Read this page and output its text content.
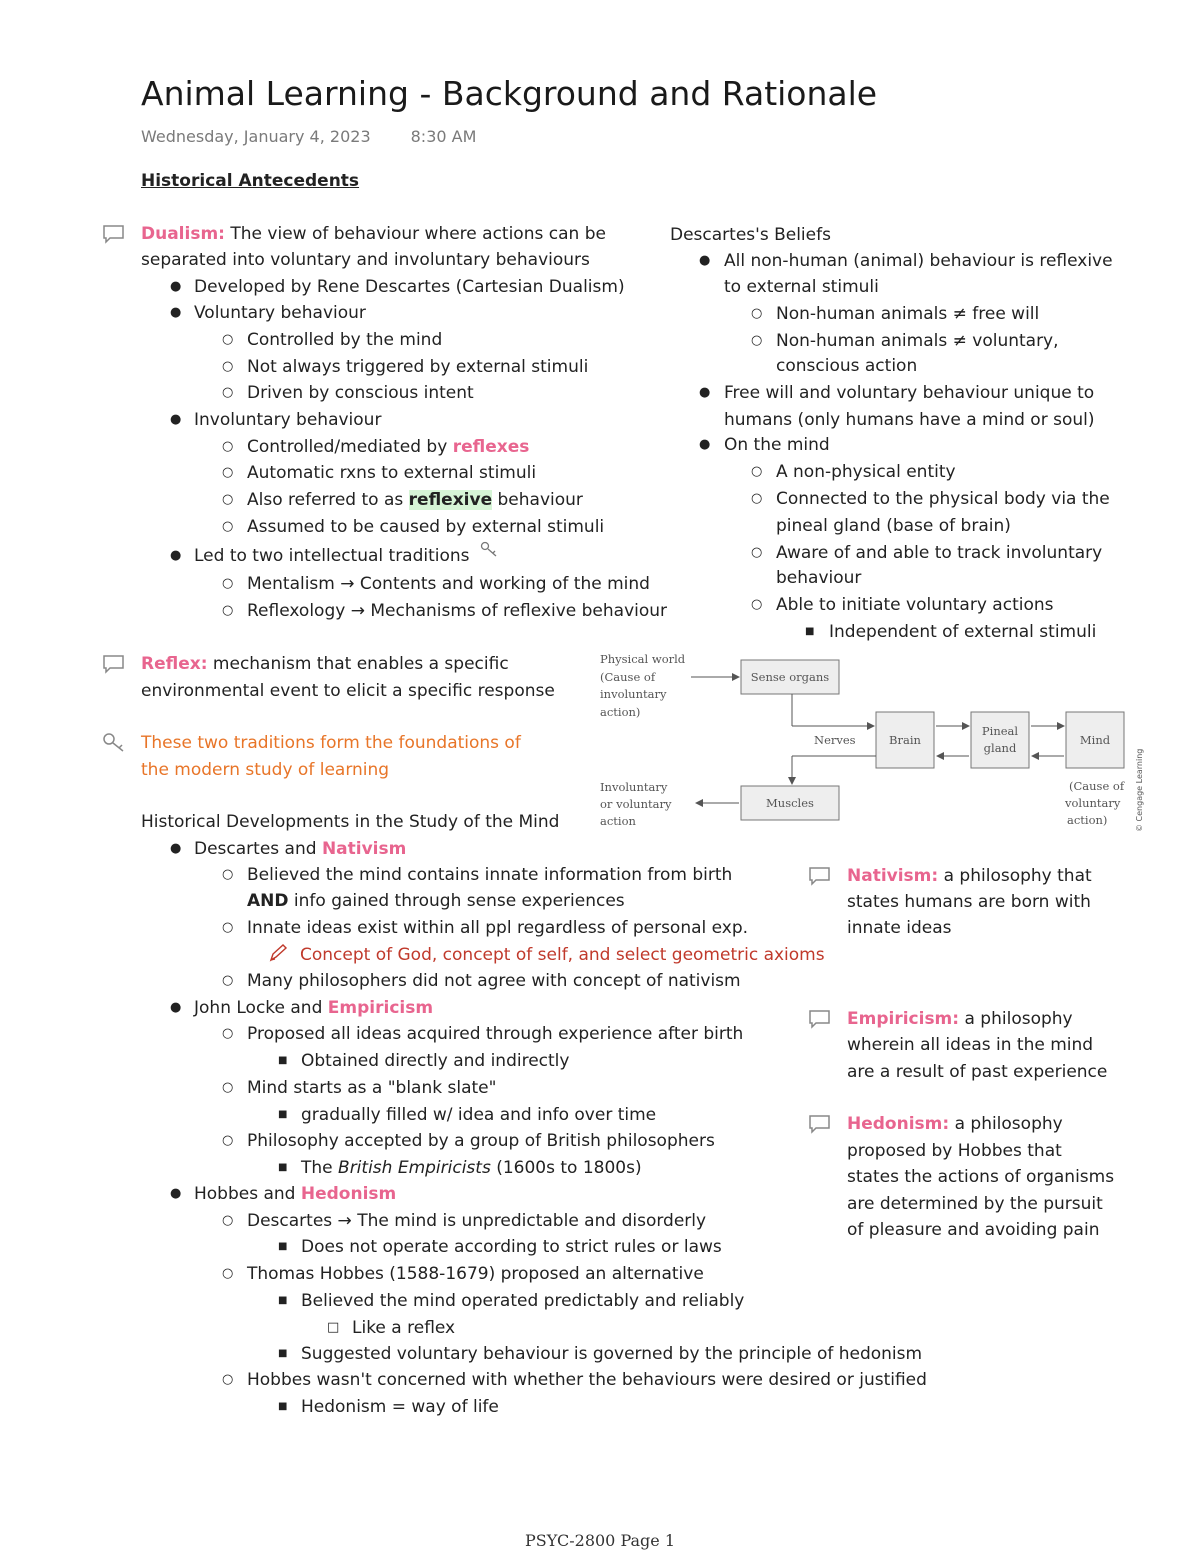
Animal Learning - Background and Rationale
Wednesday, January 4, 2023	8:30 AM
Historical Antecedents
Dualism: The view of behaviour where actions can be
separated into voluntary and involuntary behaviours
● Developed by Rene Descartes (Cartesian Dualism)
● Voluntary behaviour
○ Controlled by the mind
○ Not always triggered by external stimuli
○ Driven by conscious intent
● Involuntary behaviour
○ Controlled/mediated by reflexes
○ Automatic rxns to external stimuli
○ Also referred to as reflexive behaviour
○ Assumed to be caused by external stimuli
● Led to two intellectual traditions
○ Mentalism → Contents and working of the mind
○ Reflexology → Mechanisms of reflexive behaviour
Reflex: mechanism that enables a specific
environmental event to elicit a specific response
These two traditions form the foundations of
the modern study of learning
Descartes's Beliefs
● All non-human (animal) behaviour is reflexive
to external stimuli
○ Non-human animals ≠ free will
○ Non-human animals ≠ voluntary,
conscious action
● Free will and voluntary behaviour unique to
humans (only humans have a mind or soul)
● On the mind
○ A non-physical entity
○ Connected to the physical body via the
pineal gland (base of brain)
○ Aware of and able to track involuntary
behaviour
○ Able to initiate voluntary actions
■ Independent of external stimuli
Physical world
(Cause of
involuntary
action)
Sense organs
Nerves	Brain
Pineal
gland
Mind
(Cause of
voluntary
action)
Muscles
Involuntary
or voluntary
action	© Cengage Learning
Historical Developments in the Study of the Mind
● Descartes and Nativism
○ Believed the mind contains innate information from birth
AND info gained through sense experiences
○ Innate ideas exist within all ppl regardless of personal exp.
Concept of God, concept of self, and select geometric axioms
○ Many philosophers did not agree with concept of nativism
● John Locke and Empiricism
○ Proposed all ideas acquired through experience after birth
■ Obtained directly and indirectly
○ Mind starts as a "blank slate"
■ gradually filled w/ idea and info over time
○ Philosophy accepted by a group of British philosophers
■ The British Empiricists (1600s to 1800s)
● Hobbes and Hedonism
○ Descartes → The mind is unpredictable and disorderly
■ Does not operate according to strict rules or laws
○ Thomas Hobbes (1588-1679) proposed an alternative
■ Believed the mind operated predictably and reliably
□ Like a reflex
■ Suggested voluntary behaviour is governed by the principle of hedonism
○ Hobbes wasn't concerned with whether the behaviours were desired or justified
■ Hedonism = way of life
Nativism: a philosophy that
states humans are born with
innate ideas
Empiricism: a philosophy
wherein all ideas in the mind
are a result of past experience
Hedonism: a philosophy
proposed by Hobbes that
states the actions of organisms
are determined by the pursuit
of pleasure and avoiding pain
PSYC-2800 Page 1
